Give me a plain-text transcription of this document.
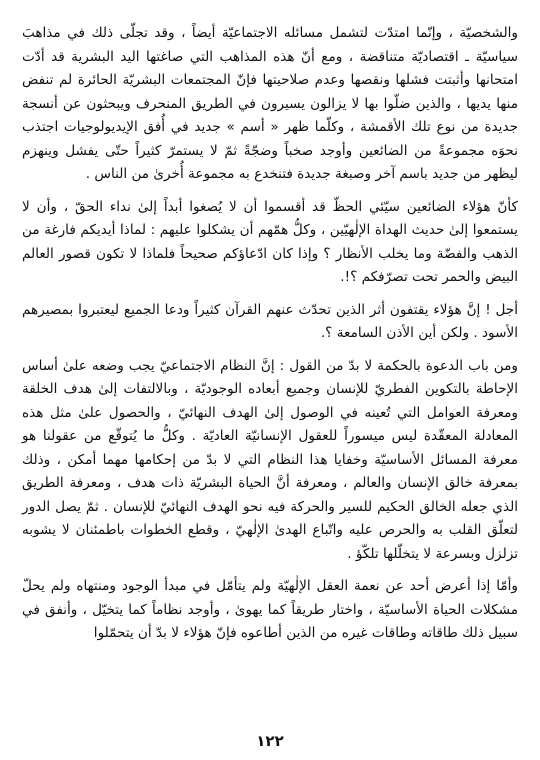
والشخصيّة ، وإنّما امتدّت لتشمل مسائله الاجتماعيّة أيضاً ، وقد تجلّى ذلك في مذاهبَ سياسيّة ـ اقتصاديّة متناقضة ، ومع أنّ هذه المذاهب التي صاغتها اليد البشرية قد أدّت امتحانها وأثبتت فشلها ونقصها وعدم صلاحيتها فإنّ المجتمعات البشريّة الحائرة لم تنفض منها يديها ، والذين ضلّوا بها لا يزالون يسيرون في الطريق المنحرف ويبحثون عن أنسجة جديدة من نوع تلك الأقمشة ، وكلّما ظهر « أسم » جديد في أُفق الإيديولوجيات اجتذب نحوَه مجموعةً من الضائعين وأوجد صخباً وضجّةً ثمّ لا يستمرّ كثيراً حتّى يفشل وينهزم ليظهر من جديد باسم آخر وصبغة جديدة فتنخدع به مجموعة أُخرىٰ من الناس .

كأنّ هؤلاء الضائعين سيّئي الحظّ قد أقسموا أن لا يُصغوا أبداً إلىٰ نداء الحقّ ، وأن لا يستمعوا إلىٰ حديث الهداة الإلٰهيّين ، وكلُّ همّهم أن يشكلوا عليهم : لماذا أيديكم فارغة من الذهب والفضّة وما يخلب الأنظار ؟ وإذا كان ادّعاؤكم صحيحاً فلماذا لا تكون قصور العالم البيض والحمر تحت تصرّفكم ؟!.

أجل ! إنَّ هؤلاء يقتفون أثر الذين تحدّث عنهم القرآن كثيراً ودعا الجميع ليعتبروا بمصيرهم الأسود . ولكن أين الأذن السامعة ؟.

ومن باب الدعوة بالحكمة لا بدّ من القول : إنَّ النظام الاجتماعيّ يجب وضعه علىٰ أساس الإحاطة بالتكوين الفطريّ للإنسان وجميع أبعاده الوجوديّة ، وبالالتفات إلىٰ هدف الخلقة ومعرفة العوامل التي تُعينه في الوصول إلىٰ الهدف النهائيّ ، والحصول علىٰ مثل هذه المعادلة المعقّدة ليس ميسوراً للعقول الإنسانيّة العاديّة . وكلُّ ما يُتوقّع من عقولنا هو معرفة المسائل الأساسيّة وخفايا هذا النظام التي لا بدّ من إحكامها مهما أمكن ، وذلك بمعرفة خالق الإنسان والعالم ، ومعرفة أنَّ الحياة البشريّة ذات هدف ، ومعرفة الطريق الذي جعله الخالق الحكيم للسير والحركة فيه نحو الهدف النهائيّ للإنسان . ثمّ يصل الدور لتعلّق القلب به والحرص عليه واتّباع الهدىٰ الإلٰهيّ ، وقطع الخطوات باطمئنان لا يشوبه تزلزل وبسرعة لا يتخلّلها تلكّؤ .

وأمّا إذا أعرض أحد عن نعمة العقل الإلٰهيّة ولم يتأمّل في مبدأ الوجود ومنتهاه ولم يحلّ مشكلات الحياة الأساسيّة ، واختار طريقاً كما يهوىٰ ، وأوجد نظاماً كما يتخيّل ، وأنفق في سبيل ذلك طاقاته وطاقات غيره من الذين أطاعوه فإنّ هؤلاء لا بدّ أن يتحمّلوا

١٢٢
